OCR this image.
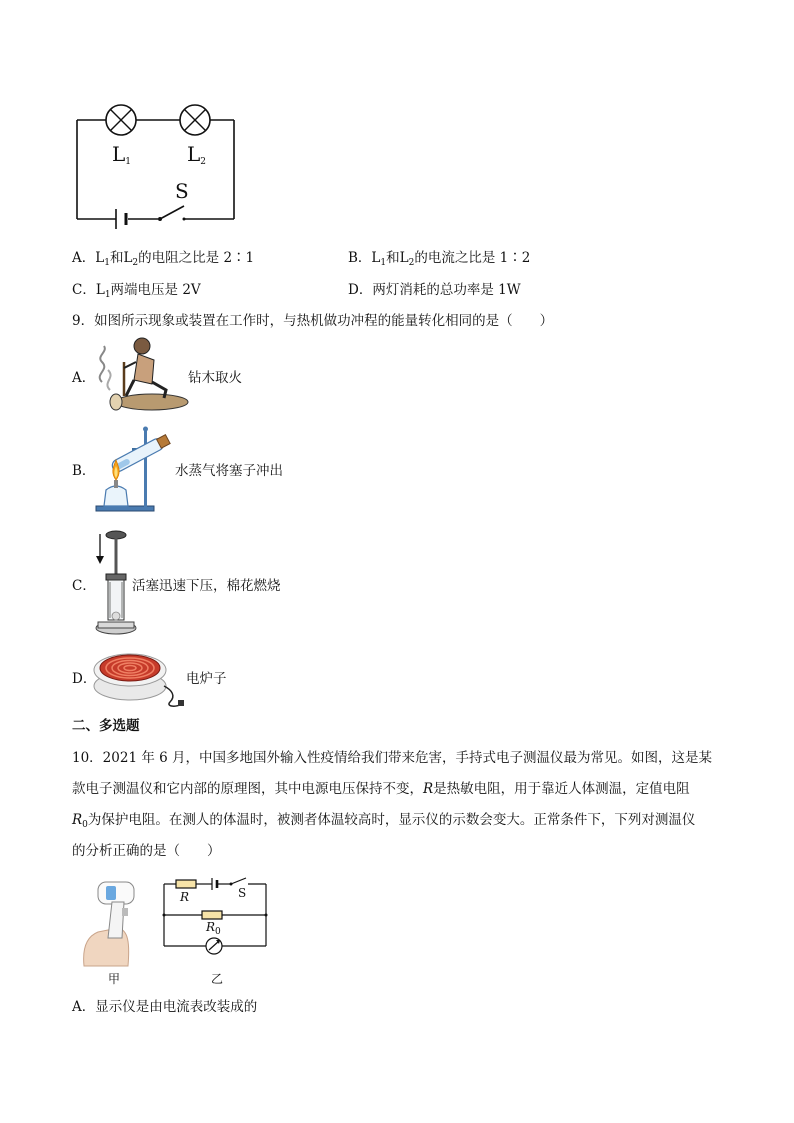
$L_1$	$L_2$
S
A．$L_1$和$L_2$的电阻之比是 2∶1	B．$L_1$和$L_2$的电流之比是 1∶2
C．$L_1$两端电压是 2V	D．两灯消耗的总功率是 1W
9．如图所示现象或装置在工作时，与热机做功冲程的能量转化相同的是（　　）
A．	钻木取火
B．	水蒸气将塞子冲出
C．	活塞迅速下压，棉花燃烧
D．	电炉子
二、多选题
10．2021 年 6 月，中国多地国外输入性疫情给我们带来危害，手持式电子测温仪最为常见。如图，这是某
款电子测温仪和它内部的原理图，其中电源电压保持不变，R是热敏电阻，用于靠近人体测温，定值电阻
$R_0$为保护电阻。在测人的体温时，被测者体温较高时，显示仪的示数会变大。正常条件下，下列对测温仪
的分析正确的是（　　）
甲
R	S
$R_0$
乙
A．显示仪是由电流表改装成的
